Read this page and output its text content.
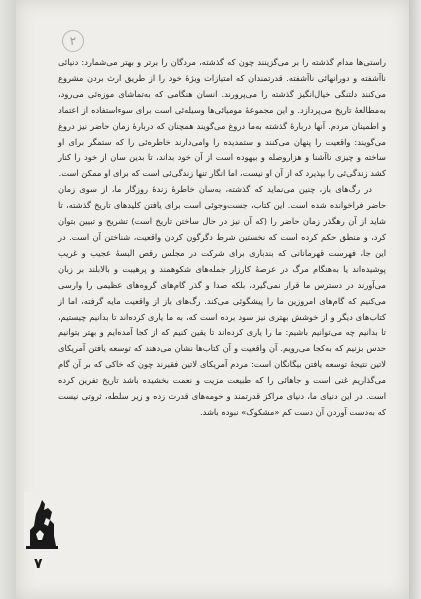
۲

راستی‌ها مدام گذشته را بر می‌گزینند چون که گذشته، مردگان را برتر و بهتر می‌شمارد: دنیائی ناآشفته و دورانهائی ناآشفته. قدرتمندان که امتیازات ویژهٔ خود را از طریق ارث بردن مشروع می‌کنند دلتنگی خیال‌انگیز گذشته را می‌پرورند. انسان هنگامی که به‌تماشای موزه‌ئی می‌رود، به‌مطالعهٔ تاریخ می‌پردازد. و این مجموعهٔ مومیائی‌ها وسیله‌ئی است برای سوءاستفاده از اعتماد و اطمینان مردم. آنها دربارهٔ گذشته به‌ما دروغ می‌گویند همچنان که دربارهٔ زمان حاضر نیز دروغ می‌گویند: واقعیت را پنهان می‌کنند و ستمدیده را وامی‌دارند خاطره‌ئی را که ستمگر برای او ساخته و چیزی ناآشنا و هزاروصله و بیهوده است از آن خود بداند، تا بدین سان از خود را کنار کشد زندگی‌ئی را بپذیرد که از آن او نیست، اما انگار تنها زندگی‌ئی است که برای او ممکن است.

در رگ‌های باز، چنین می‌نماید که گذشته، به‌سان خاطرهٔ زندهٔ روزگار ما، از سوی زمان حاضر فراخوانده شده است. این کتاب، جست‌وجوئی است برای یافتن کلیدهای تاریخ گذشته، تا شاید از آن رهگذر زمان حاضر را (که آن نیز در حال ساختن تاریخ است) تشریح و تبیین بتوان کرد، و منطق حکم کرده است که نخستین شرط دگرگون کردن واقعیت، شناختن آن است. در این جا، فهرست قهرمانانی که بندباری برای شرکت در مجلس رقص البسهٔ عجیب و غریب پوشیده‌اند یا به‌هنگام مرگ در عرصهٔ کارزار جمله‌های شکوهمند و پرهیبت و بالابلند بر زبان می‌آورند در دسترس ما قرار نمی‌گیرد، بلکه صدا و گذر گام‌های گروه‌های عظیمی را وارسی می‌کنیم که گام‌های امروزین ما را پیشگوئی می‌کند. رگ‌های باز از واقعیت مایه گرفته، اما از کتاب‌های دیگر و از خوشش بهتری نیز سود برده است که، به ما یاری کرده‌اند تا بدانیم چیستیم، تا بدانیم چه می‌توانیم باشیم: ما را یاری کرده‌اند تا یقین کنیم که از کجا آمده‌ایم و بهتر بتوانیم حدس بزنیم که به‌کجا می‌رویم. آن واقعیت و آن کتاب‌ها نشان می‌دهند که توسعه یافتن آمریکای لاتین نتیجهٔ توسعه یافتن بیگانگان است: مردم آمریکای لاتین فقیرند چون که خاکی که بر آن گام می‌گذاریم غنی است و جاهائی را که طبیعت مزیت و نعمت بخشیده باشد تاریخ تفرین کرده است. در این دنیای ما، دنیای مراکز قدرتمند و حومه‌های قدرت زده و زیر سلطه، ثروتی نیست که به‌دست آوردن آن دست کم «مشکوک» نبوده باشد.

۷
